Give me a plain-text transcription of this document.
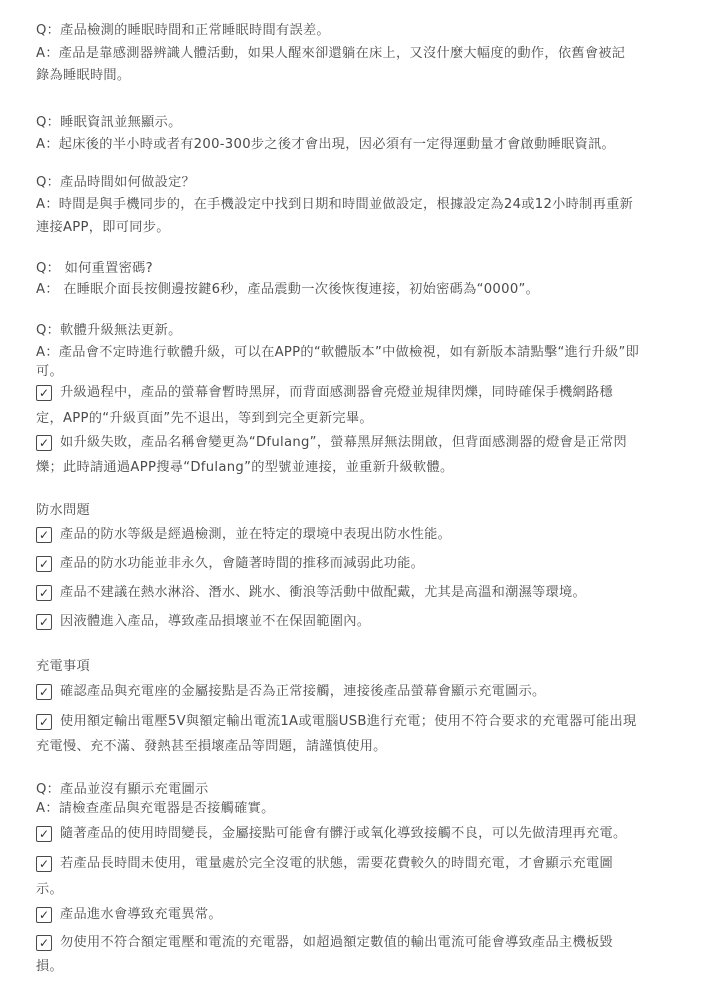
Q：產品檢測的睡眠時間和正常睡眠時間有誤差。
A：產品是靠感測器辨識人體活動，如果人醒來卻還躺在床上，又沒什麼大幅度的動作，依舊會被記
錄為睡眠時間。
Q：睡眠資訊並無顯示。
A：起床後的半小時或者有200-300步之後才會出現，因必須有一定得運動量才會啟動睡眠資訊。
Q：產品時間如何做設定？
A：時間是與手機同步的，在手機設定中找到日期和時間並做設定，根據設定為24或12小時制再重新
連接APP，即可同步。
Q： 如何重置密碼?
A： 在睡眠介面長按側邊按鍵6秒，產品震動一次後恢復連接，初始密碼為“0000”。
Q：軟體升級無法更新。
A：產品會不定時進行軟體升級，可以在APP的“軟體版本”中做檢視，如有新版本請點擊“進行升級”即
可。
✓ 升級過程中，產品的螢幕會暫時黑屏，而背面感測器會亮燈並規律閃爍，同時確保手機網路穩
定，APP的“升級頁面”先不退出，等到到完全更新完畢。
✓ 如升級失敗，產品名稱會變更為“Dfulang”，螢幕黑屏無法開啟，但背面感測器的燈會是正常閃
爍；此時請通過APP搜尋“Dfulang”的型號並連接，並重新升級軟體。
防水問題
✓ 產品的防水等級是經過檢測，並在特定的環境中表現出防水性能。
✓ 產品的防水功能並非永久，會隨著時間的推移而減弱此功能。
✓ 產品不建議在熱水淋浴、潛水、跳水、衝浪等活動中做配戴，尤其是高溫和潮濕等環境。
✓ 因液體進入產品，導致產品損壞並不在保固範圍內。
充電事項
✓ 確認產品與充電座的金屬接點是否為正常接觸，連接後產品螢幕會顯示充電圖示。
✓ 使用額定輸出電壓5V與額定輸出電流1A或電腦USB進行充電；使用不符合要求的充電器可能出現
充電慢、充不滿、發熱甚至損壞產品等問題，請謹慎使用。
Q：產品並沒有顯示充電圖示
A：請檢查產品與充電器是否接觸確實。
✓ 隨著產品的使用時間變長，金屬接點可能會有髒汙或氧化導致接觸不良，可以先做清理再充電。
✓ 若產品長時間未使用，電量處於完全沒電的狀態，需要花費較久的時間充電，才會顯示充電圖
示。
✓ 產品進水會導致充電異常。
✓ 勿使用不符合額定電壓和電流的充電器，如超過額定數值的輸出電流可能會導致產品主機板毀
損。
